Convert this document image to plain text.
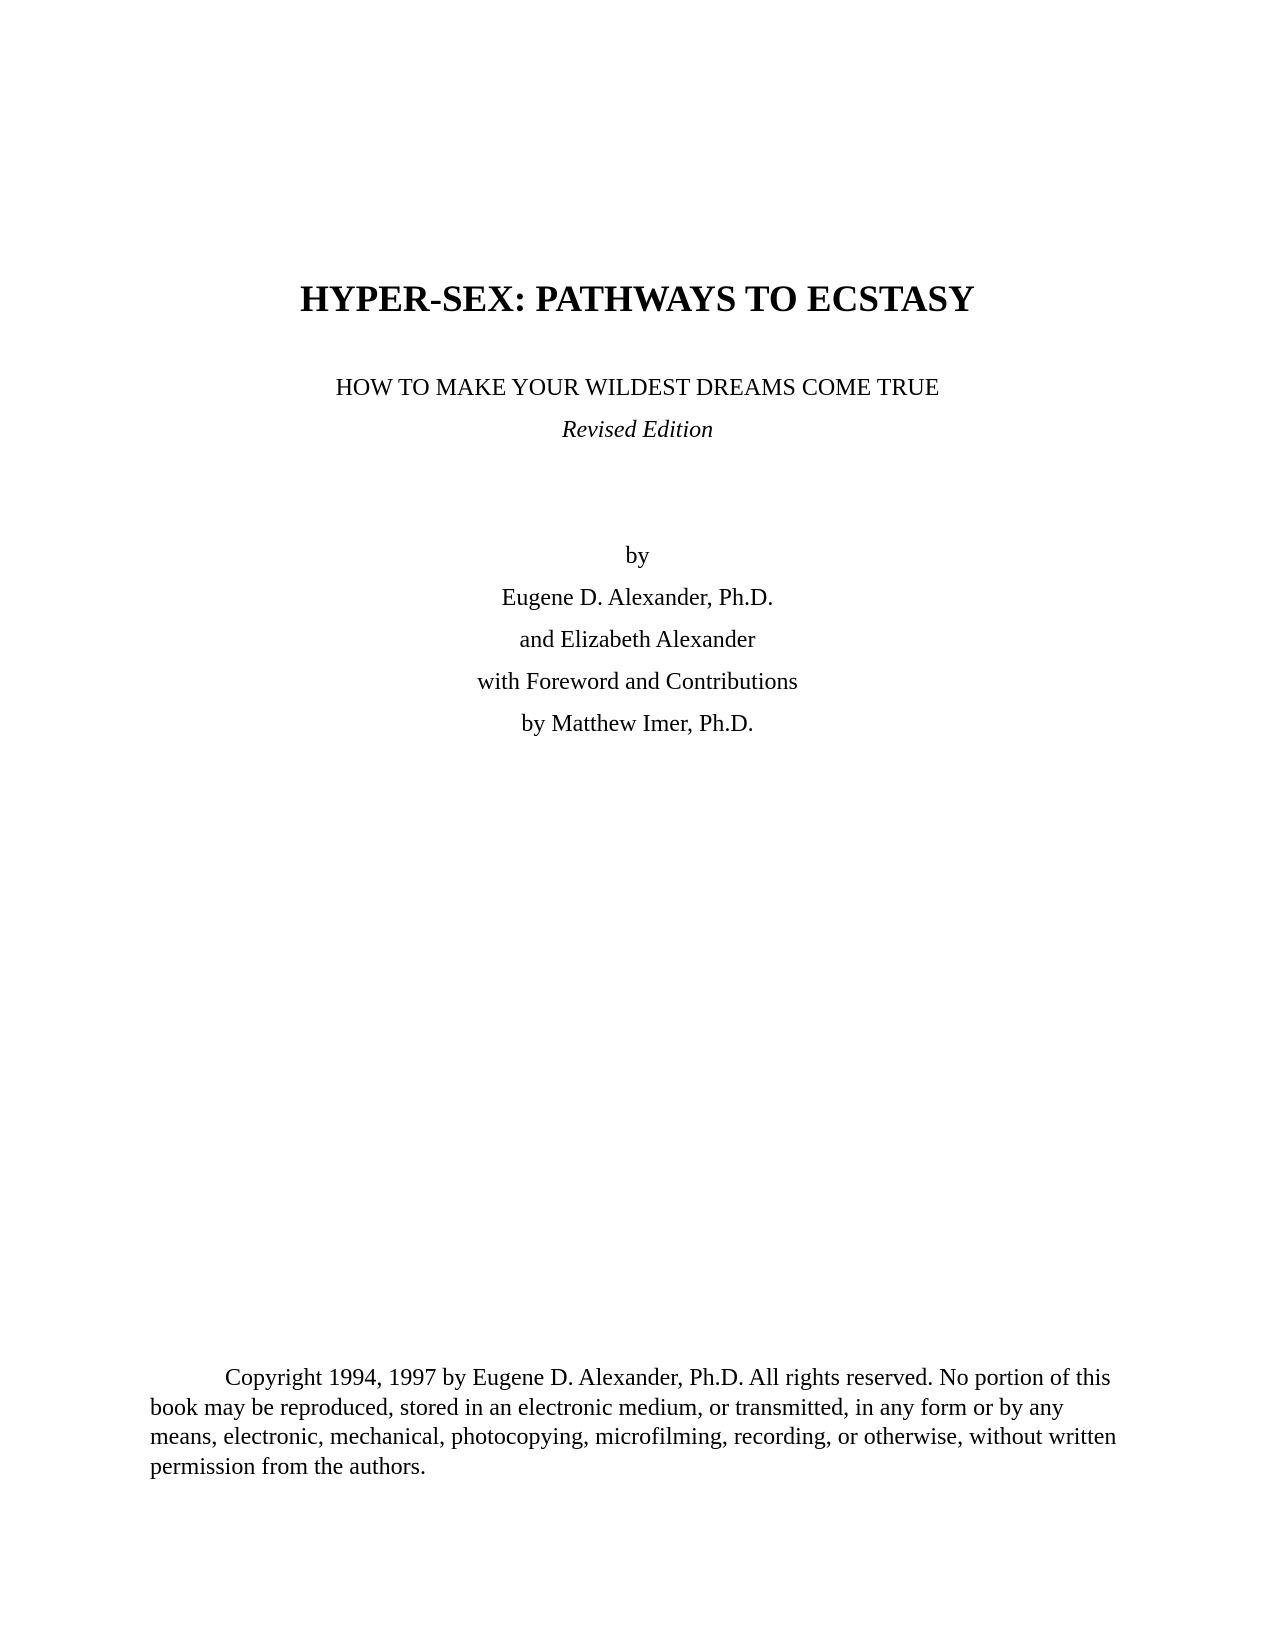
HYPER-SEX: PATHWAYS TO ECSTASY
HOW TO MAKE YOUR WILDEST DREAMS COME TRUE
Revised Edition
by
Eugene D. Alexander, Ph.D.
and Elizabeth Alexander
with Foreword and Contributions
by Matthew Imer, Ph.D.

Copyright 1994, 1997 by Eugene D. Alexander, Ph.D. All rights reserved. No portion of this book may be reproduced, stored in an electronic medium, or transmitted, in any form or by any means, electronic, mechanical, photocopying, microfilming, recording, or otherwise, without written permission from the authors.
